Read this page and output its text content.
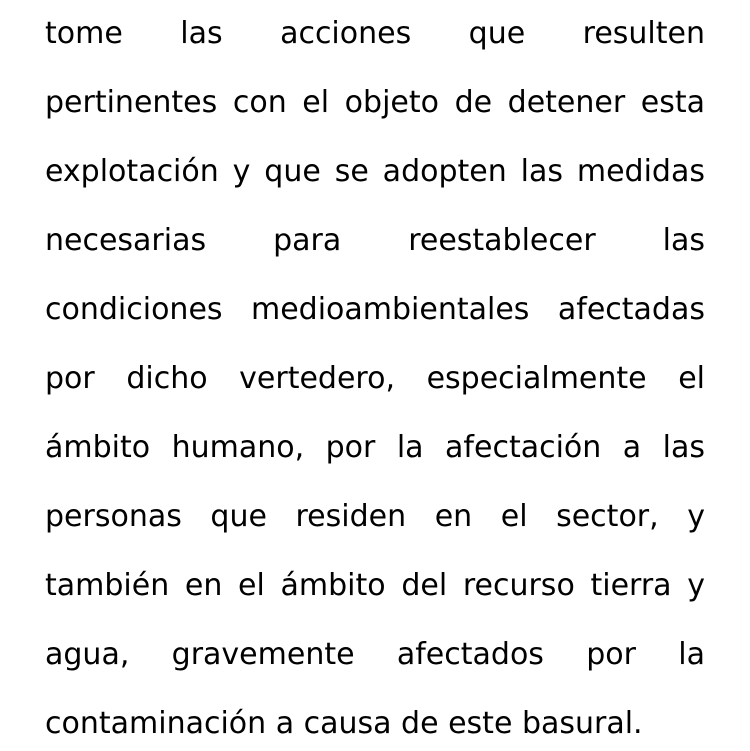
tome las acciones que resulten
pertinentes con el objeto de detener esta
explotación y que se adopten las medidas
necesarias para reestablecer las
condiciones medioambientales afectadas
por dicho vertedero, especialmente el
ámbito humano, por la afectación a las
personas que residen en el sector, y
también en el ámbito del recurso tierra y
agua, gravemente afectados por la
contaminación a causa de este basural.
